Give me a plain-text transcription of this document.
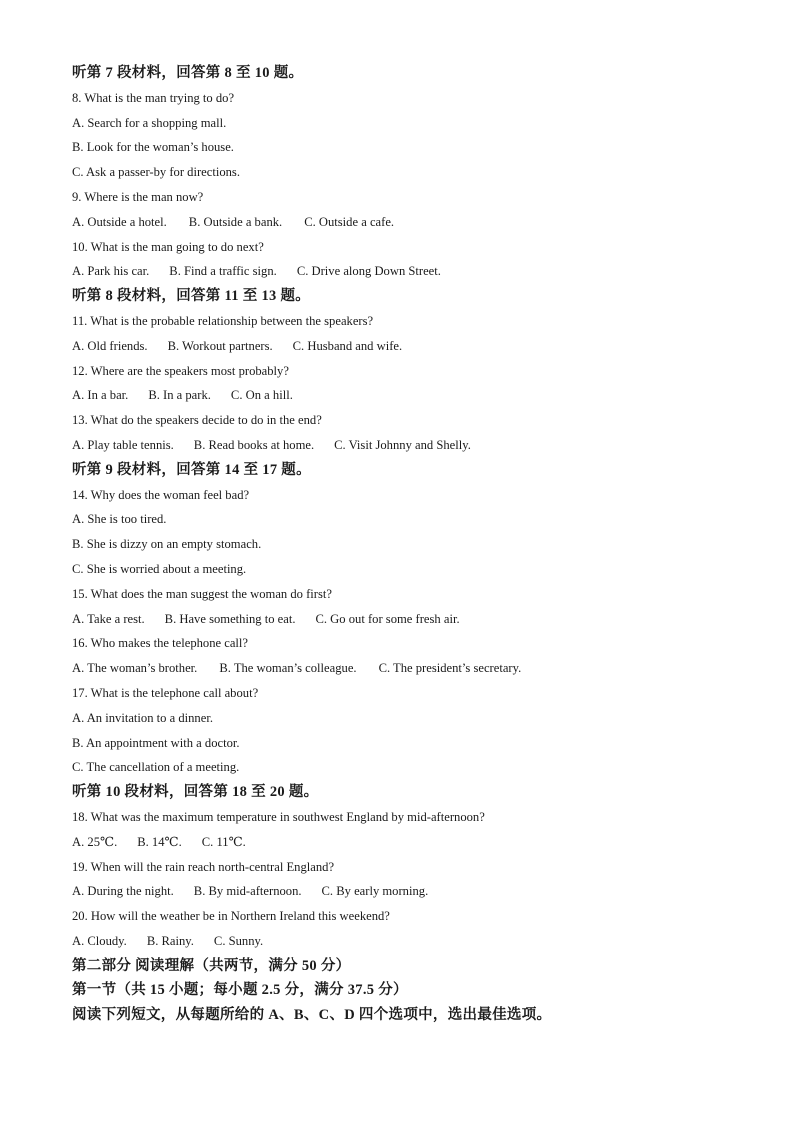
听第 7 段材料，回答第 8 至 10 题。
8. What is the man trying to do?
A. Search for a shopping mall.
B. Look for the woman’s house.
C. Ask a passer-by for directions.
9. Where is the man now?
A. Outside a hotel. B. Outside a bank. C. Outside a cafe.
10. What is the man going to do next?
A. Park his car. B. Find a traffic sign. C. Drive along Down Street.
听第 8 段材料，回答第 11 至 13 题。
11. What is the probable relationship between the speakers?
A. Old friends. B. Workout partners. C. Husband and wife.
12. Where are the speakers most probably?
A. In a bar. B. In a park. C. On a hill.
13. What do the speakers decide to do in the end?
A. Play table tennis. B. Read books at home. C. Visit Johnny and Shelly.
听第 9 段材料，回答第 14 至 17 题。
14. Why does the woman feel bad?
A. She is too tired.
B. She is dizzy on an empty stomach.
C. She is worried about a meeting.
15. What does the man suggest the woman do first?
A. Take a rest. B. Have something to eat. C. Go out for some fresh air.
16. Who makes the telephone call?
A. The woman’s brother. B. The woman’s colleague. C. The president’s secretary.
17. What is the telephone call about?
A. An invitation to a dinner.
B. An appointment with a doctor.
C. The cancellation of a meeting.
听第 10 段材料，回答第 18 至 20 题。
18. What was the maximum temperature in southwest England by mid-afternoon?
A. 25℃. B. 14℃. C. 11℃.
19. When will the rain reach north-central England?
A. During the night. B. By mid-afternoon. C. By early morning.
20. How will the weather be in Northern Ireland this weekend?
A. Cloudy. B. Rainy. C. Sunny.
第二部分 阅读理解（共两节，满分 50 分）
第一节（共 15 小题；每小题 2.5 分，满分 37.5 分）
阅读下列短文，从每题所给的 A、B、C、D 四个选项中，选出最佳选项。
